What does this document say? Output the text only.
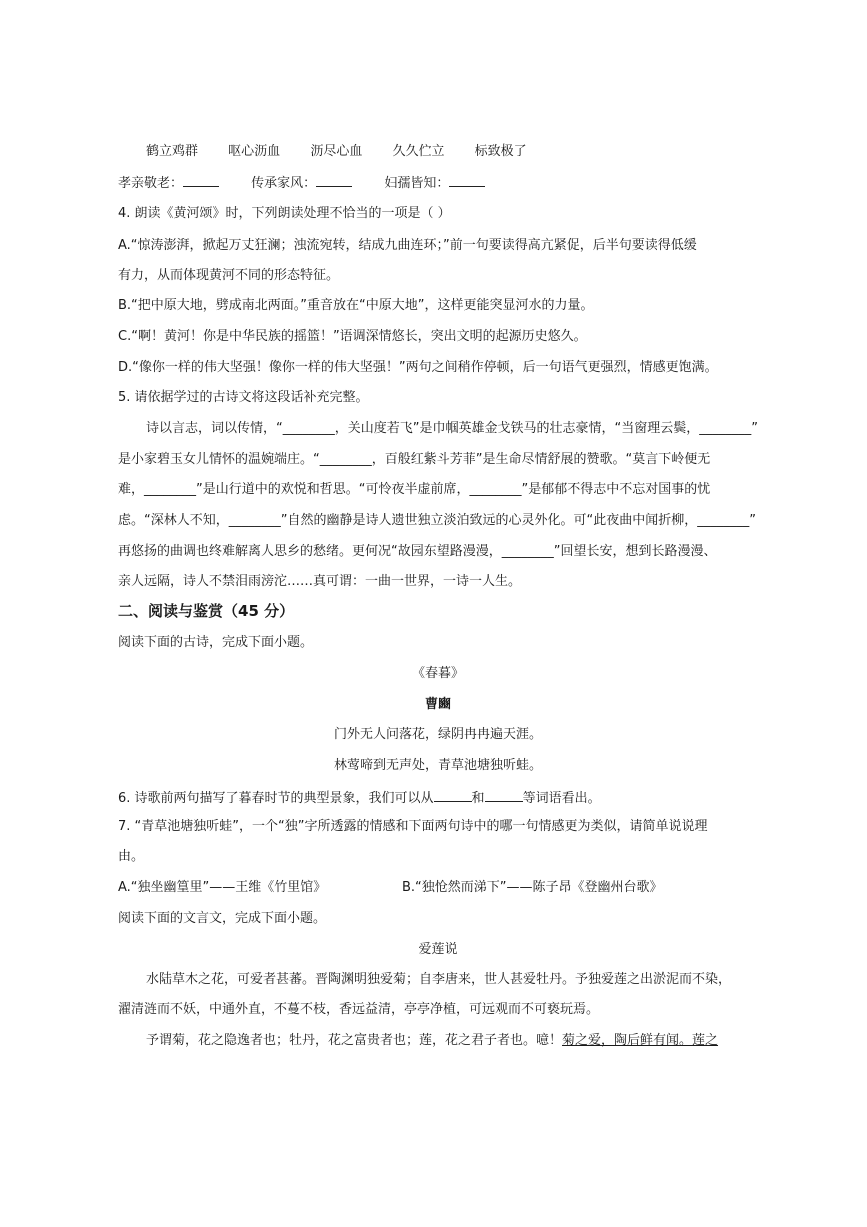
鹤立鸡群 呕心沥血 沥尽心血 久久伫立 标致极了
孝亲敬老：	传承家风：	妇孺皆知：
4. 朗读《黄河颂》时，下列朗读处理不恰当的一项是（ ）
A.“惊涛澎湃，掀起万丈狂澜；浊流宛转，结成九曲连环；”前一句要读得高亢紧促，后半句要读得低缓
有力，从而体现黄河不同的形态特征。
B.“把中原大地，劈成南北两面。”重音放在“中原大地”，这样更能突显河水的力量。
C.“啊！黄河！你是中华民族的摇篮！”语调深情悠长，突出文明的起源历史悠久。
D.“像你一样的伟大坚强！像你一样的伟大坚强！”两句之间稍作停顿，后一句语气更强烈，情感更饱满。
5. 请依据学过的古诗文将这段话补充完整。
诗以言志，词以传情，“________，关山度若飞”是巾帼英雄金戈铁马的壮志豪情，“当窗理云鬓，________”
是小家碧玉女儿情怀的温婉端庄。“________，百般红紫斗芳菲”是生命尽情舒展的赞歌。“莫言下岭便无
难，________”是山行道中的欢悦和哲思。“可怜夜半虚前席，________”是郁郁不得志中不忘对国事的忧
虑。“深林人不知，________”自然的幽静是诗人遗世独立淡泊致远的心灵外化。可“此夜曲中闻折柳，________”
再悠扬的曲调也终难解离人思乡的愁绪。更何况“故园东望路漫漫，________”回望长安，想到长路漫漫、
亲人远隔，诗人不禁泪雨滂沱……真可谓：一曲一世界，一诗一人生。
二、阅读与鉴赏（45 分）
阅读下面的古诗，完成下面小题。
《春暮》
曹豳
门外无人问落花，绿阴冉冉遍天涯。
林莺啼到无声处，青草池塘独听蛙。
6. 诗歌前两句描写了暮春时节的典型景象，我们可以从	和	等词语看出。
7. “青草池塘独听蛙”，一个“独”字所透露的情感和下面两句诗中的哪一句情感更为类似，请简单说说理
由。
A.“独坐幽篁里”——王维《竹里馆》	B.“独怆然而涕下”——陈子昂《登幽州台歌》
阅读下面的文言文，完成下面小题。
爱莲说
水陆草木之花，可爱者甚蕃。晋陶渊明独爱菊；自李唐来，世人甚爱牡丹。予独爱莲之出淤泥而不染，
濯清涟而不妖，中通外直，不蔓不枝，香远益清，亭亭净植，可远观而不可亵玩焉。
予谓菊，花之隐逸者也；牡丹，花之富贵者也；莲，花之君子者也。噫！菊之爱，陶后鲜有闻。莲之
